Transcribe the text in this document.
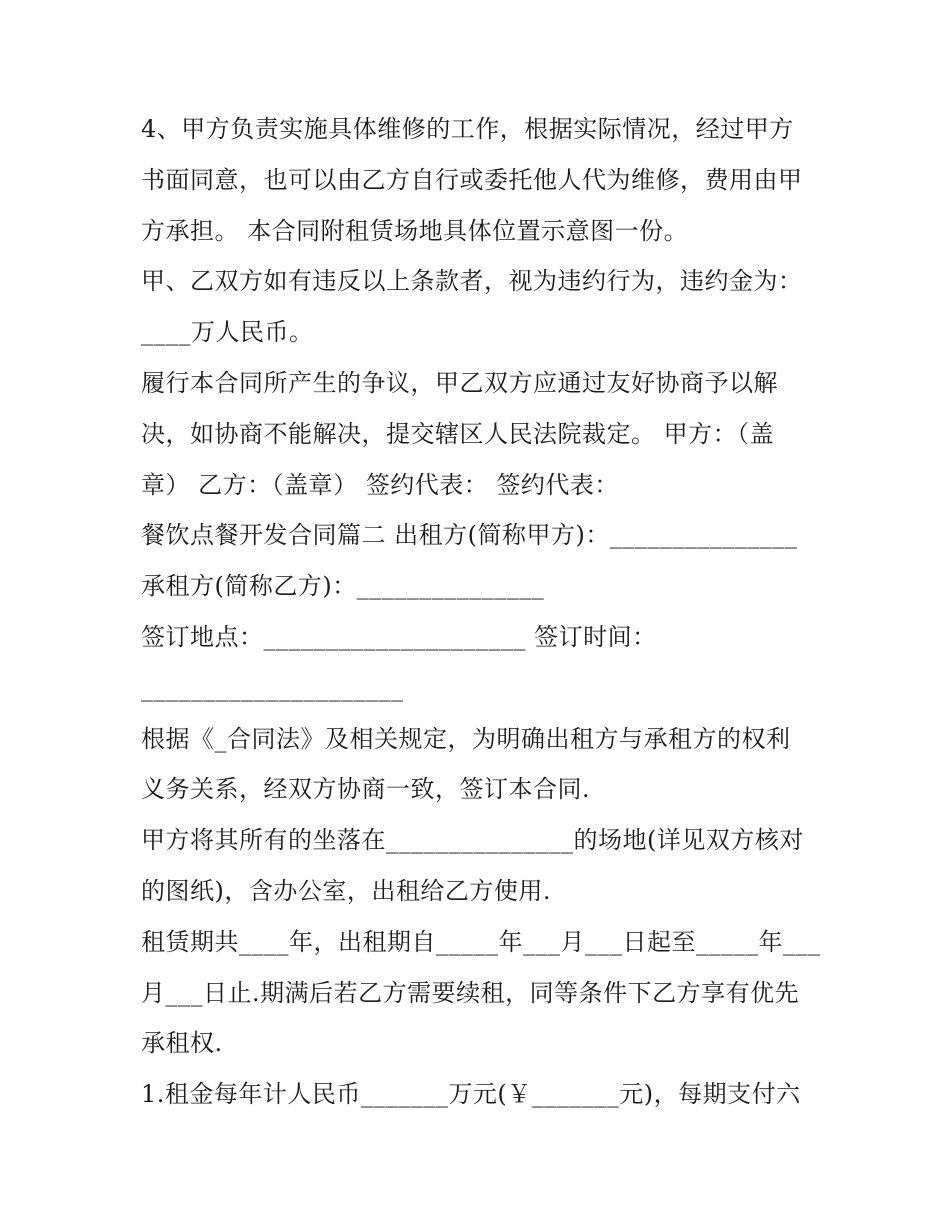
4、甲方负责实施具体维修的工作，根据实际情况，经过甲方
书面同意，也可以由乙方自行或委托他人代为维修，费用由甲
方承担。 本合同附租赁场地具体位置示意图一份。
甲、乙双方如有违反以上条款者，视为违约行为，违约金为：
____万人民币。
履行本合同所产生的争议，甲乙双方应通过友好协商予以解
决，如协商不能解决，提交辖区人民法院裁定。 甲方：（盖
章） 乙方：（盖章） 签约代表： 签约代表：
餐饮点餐开发合同篇二 出租方(简称甲方)：_______________
承租方(简称乙方)：_______________
签订地点：_____________________ 签订时间：
_____________________
根据《_合同法》及相关规定，为明确出租方与承租方的权利
义务关系，经双方协商一致，签订本合同.
甲方将其所有的坐落在_______________的场地(详见双方核对
的图纸)，含办公室，出租给乙方使用.
租赁期共____年，出租期自_____年___月___日起至_____年___
月___日止.期满后若乙方需要续租，同等条件下乙方享有优先
承租权.
1.租金每年计人民币_______万元(￥_______元)，每期支付六
